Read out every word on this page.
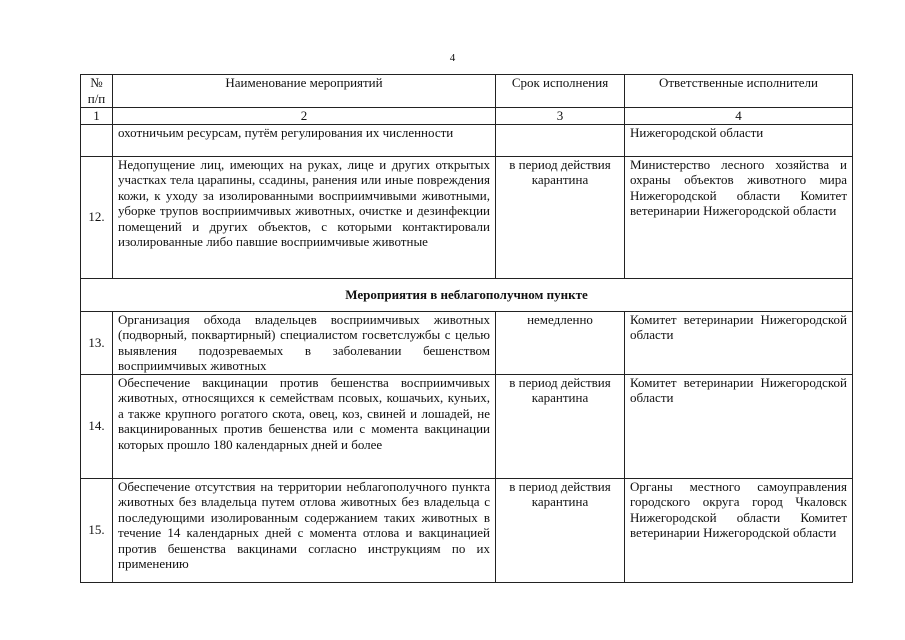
4
№ п/п	Наименование мероприятий	Срок исполнения	Ответственные исполнители
1	2	3	4
	охотничьим ресурсам, путём регулирования их численности		Нижегородской области
12.	Недопущение лиц, имеющих на руках, лице и других открытых участках тела царапины, ссадины, ранения или иные повреждения кожи, к уходу за изолированными восприимчивыми животными, уборке трупов восприимчивых животных, очистке и дезинфекции помещений и других объектов, с которыми контактировали изолированные либо павшие восприимчивые животные	в период действия карантина	Министерство лесного хозяйства и охраны объектов животного мира Нижегородской области Комитет ветеринарии Нижегородской области
Мероприятия в неблагополучном пункте			
13.	Организация обхода владельцев восприимчивых животных (подворный, поквартирный) специалистом госветслужбы с целью выявления подозреваемых в заболевании бешенством восприимчивых животных	немедленно	Комитет ветеринарии Нижегородской области
14.	Обеспечение вакцинации против бешенства восприимчивых животных, относящихся к семействам псовых, кошачьих, куньих, а также крупного рогатого скота, овец, коз, свиней и лошадей, не вакцинированных против бешенства или с момента вакцинации которых прошло 180 календарных дней и более	в период действия карантина	Комитет ветеринарии Нижегородской области
15.	Обеспечение отсутствия на территории неблагополучного пункта животных без владельца путем отлова животных без владельца с последующими изолированным содержанием таких животных в течение 14 календарных дней с момента отлова и вакцинацией против бешенства вакцинами согласно инструкциям по их применению	в период действия карантина	Органы местного самоуправления городского округа город Чкаловск Нижегородской области Комитет ветеринарии Нижегородской области
